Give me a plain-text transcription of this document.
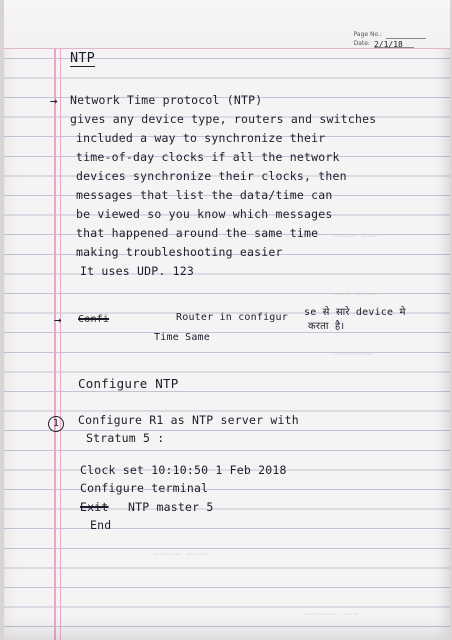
Page No.:
Date: 2/1/18
~~~ ~~~~
~~~~ ~~~
~~~~~~~
~~~~ ~~~~~
~~~ ~~~~~~
NTP
→ Network Time protocol (NTP)
gives any device type, routers and switches
included a way to synchronize their
time-of-day clocks if all the network
devices synchronize their clocks, then
messages that list the data/time can
be viewed so you know which messages
that happened around the same time
making troubleshooting easier
It uses UDP. 123
→ Confi	Router in configur se से सारे device मे
करता है।
Time Same
Configure NTP
1	Configure R1 as NTP server with
Stratum 5 :
Clock set 10:10:50 1 Feb 2018
Configure terminal
Exit NTP master 5
End
